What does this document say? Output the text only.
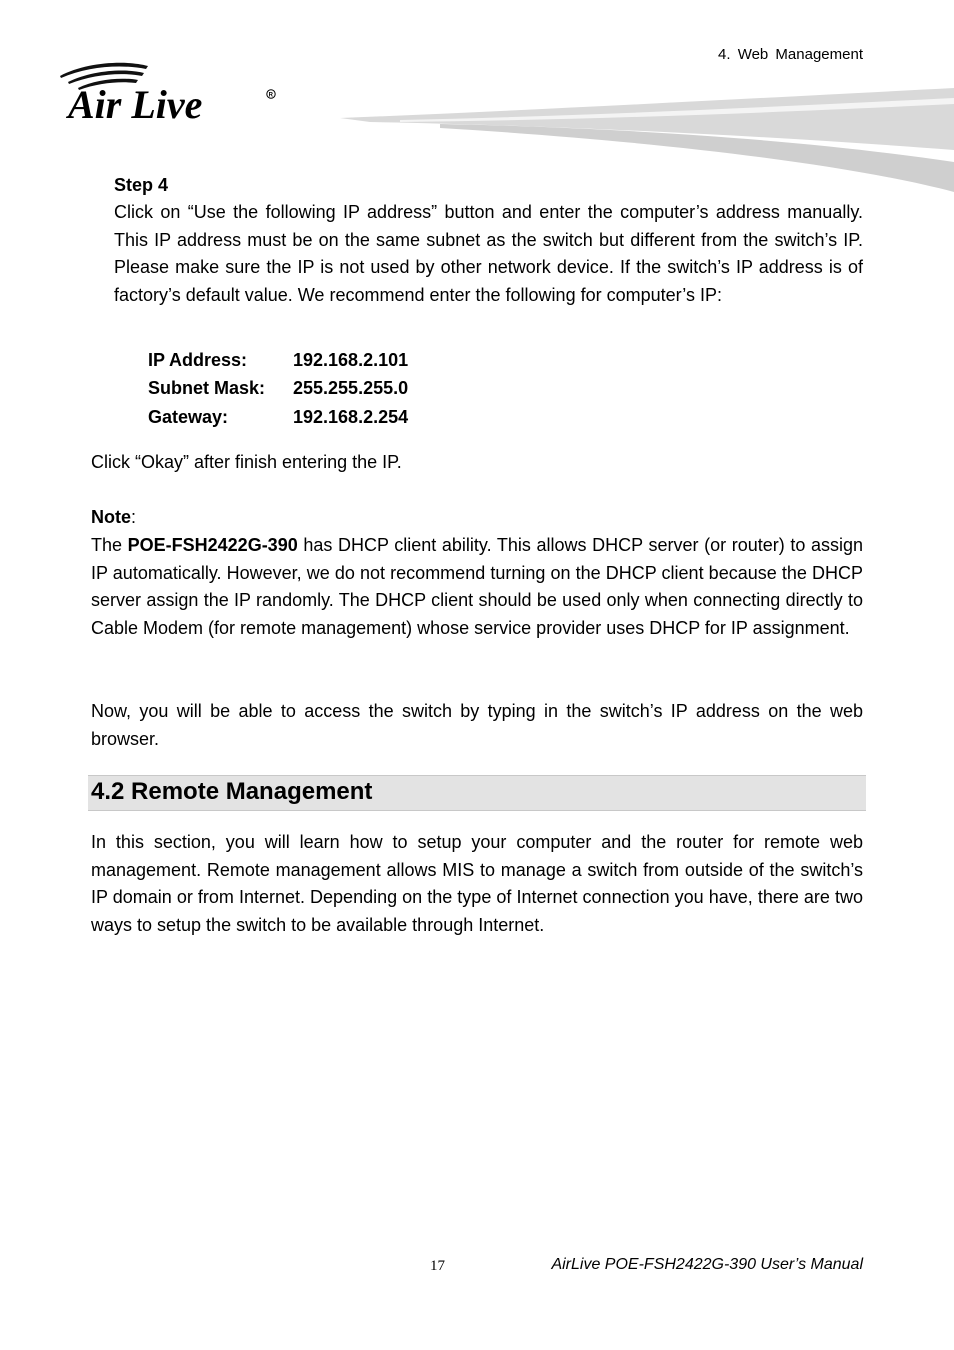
4. Web Management
Air Live	R

Step 4

Click on “Use the following IP address” button and enter the computer’s address manually. This IP address must be on the same subnet as the switch but different from the switch’s IP. Please make sure the IP is not used by other network device. If the switch’s IP address is of factory’s default value. We recommend enter the following for computer’s IP:

IP Address:	192.168.2.101
Subnet Mask: 255.255.255.0
Gateway:	192.168.2.254

Click “Okay” after finish entering the IP.

Note:

The POE-FSH2422G-390 has DHCP client ability. This allows DHCP server (or router) to assign IP automatically. However, we do not recommend turning on the DHCP client because the DHCP server assign the IP randomly. The DHCP client should be used only when connecting directly to Cable Modem (for remote management) whose service provider uses DHCP for IP assignment.

Now, you will be able to access the switch by typing in the switch’s IP address on the web browser.

4.2 Remote Management

In this section, you will learn how to setup your computer and the router for remote web management. Remote management allows MIS to manage a switch from outside of the switch’s IP domain or from Internet. Depending on the type of Internet connection you have, there are two ways to setup the switch to be available through Internet.

17	AirLive POE-FSH2422G-390 User’s Manual
